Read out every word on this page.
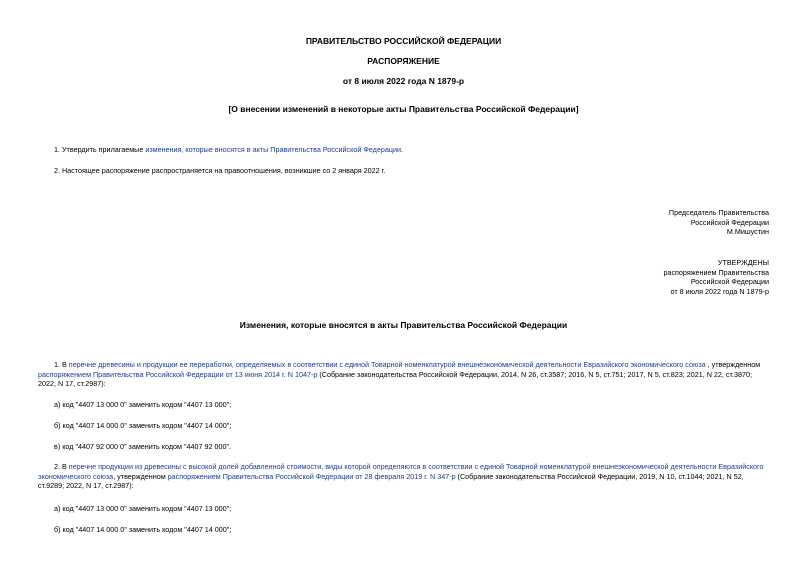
ПРАВИТЕЛЬСТВО РОССИЙСКОЙ ФЕДЕРАЦИИ
РАСПОРЯЖЕНИЕ
от 8 июля 2022 года N 1879-р
[О внесении изменений в некоторые акты Правительства Российской Федерации]
1. Утвердить прилагаемые изменения, которые вносятся в акты Правительства Российской Федерации.
2. Настоящее распоряжение распространяется на правоотношения, возникшие со 2 января 2022 г.
Председатель Правительства
Российской Федерации
М.Мишустин
УТВЕРЖДЕНЫ
распоряжением Правительства
Российской Федерации
от 8 июля 2022 года N 1879-р
Изменения, которые вносятся в акты Правительства Российской Федерации
1. В перечне древесины и продукции ее переработки, определяемых в соответствии с единой Товарной номенклатурой внешнеэкономической деятельности Евразийского экономического союза , утвержденном распоряжением Правительства Российской Федерации от 13 июня 2014 г. N 1047-р (Собрание законодательства Российской Федерации, 2014, N 26, ст.3587; 2016, N 5, ст.751; 2017, N 5, ст.823; 2021, N 22, ст.3870; 2022, N 17, ст.2987):
а) код "4407 13 000 0" заменить кодом "4407 13 000";
б) код "4407 14 000 0" заменить кодом "4407 14 000";
в) код "4407 92 000 0" заменить кодом "4407 92 000".
2. В перечне продукции из древесины с высокой долей добавленной стоимости, виды которой определяются в соответствии с единой Товарной номенклатурой внешнеэкономической деятельности Евразийского экономического союза, утвержденном распоряжением Правительства Российской Федерации от 28 февраля 2019 г. N 347-р (Собрание законодательства Российской Федерации, 2019, N 10, ст.1044; 2021, N 52, ст.9289; 2022, N 17, ст.2987):
а) код "4407 13 000 0" заменить кодом "4407 13 000";
б) код "4407 14 000 0" заменить кодом "4407 14 000";
